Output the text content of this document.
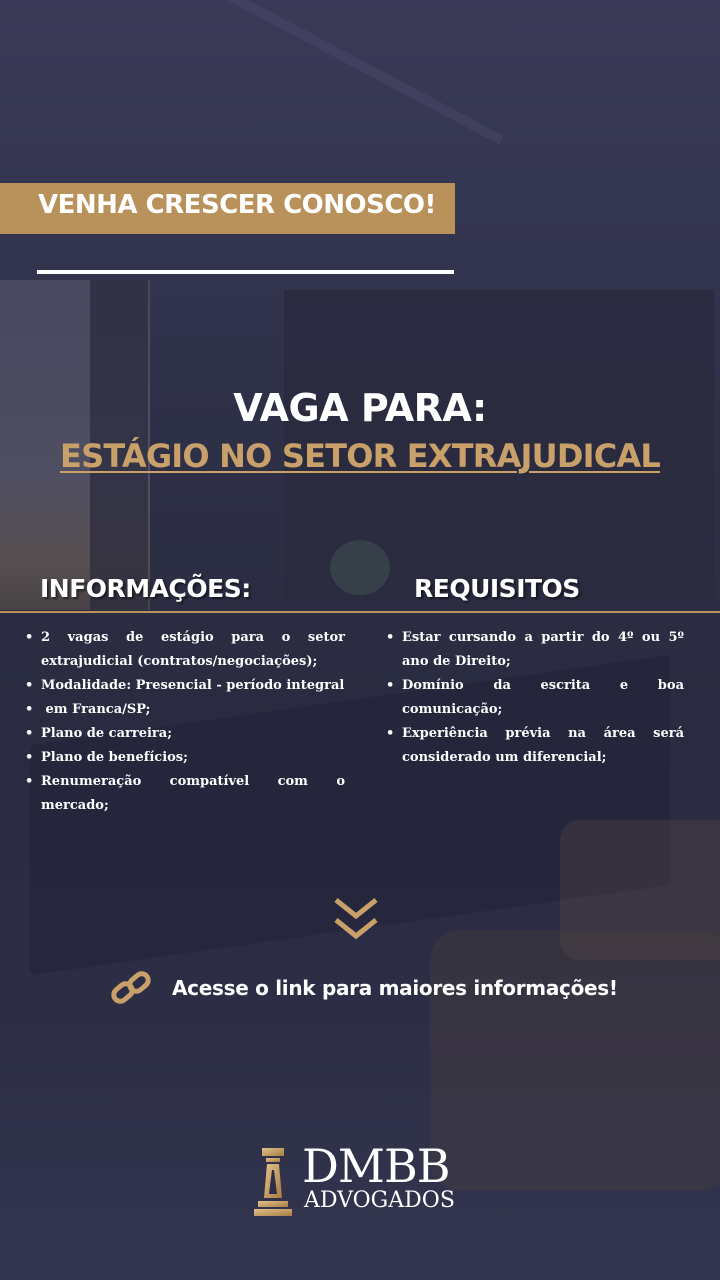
VENHA CRESCER CONOSCO!
VAGA PARA:
ESTÁGIO NO SETOR EXTRAJUDICAL
INFORMAÇÕES:	REQUISITOS
• 2 vagas de estágio para o setor extrajudicial (contratos/negociações);
• Modalidade: Presencial - período integral
•  em Franca/SP;
• Plano de carreira;
• Plano de benefícios;
• Renumeração compatível com o mercado;
• Estar cursando a partir do 4º ou 5º ano de Direito;
• Domínio da escrita e boa comunicação;
• Experiência prévia na área será considerado um diferencial;
Acesse o link para maiores informações!
DMBB
ADVOGADOS
